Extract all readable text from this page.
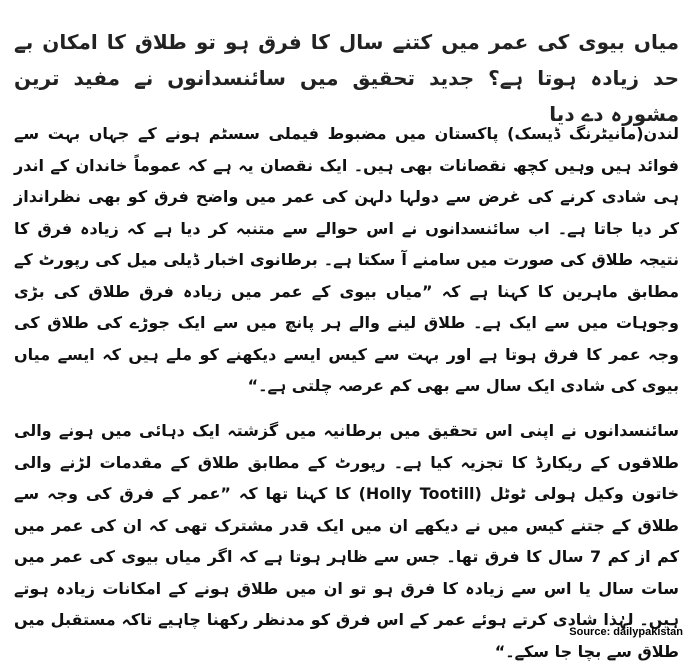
میاں بیوی کی عمر میں کتنے سال کا فرق ہو تو طلاق کا امکان بے حد زیادہ ہوتا ہے؟ جدید تحقیق میں سائنسدانوں نے مفید ترین مشورہ دے دیا

لندن(مانیٹرنگ ڈیسک) پاکستان میں مضبوط فیملی سسٹم ہونے کے جہاں بہت سے فوائد ہیں وہیں کچھ نقصانات بھی ہیں۔ ایک نقصان یہ ہے کہ عموماً خاندان کے اندر ہی شادی کرنے کی غرض سے دولہا دلہن کی عمر میں واضح فرق کو بھی نظرانداز کر دیا جاتا ہے۔ اب سائنسدانوں نے اس حوالے سے متنبہ کر دیا ہے کہ زیادہ فرق کا نتیجہ طلاق کی صورت میں سامنے آ سکتا ہے۔ برطانوی اخبار ڈیلی میل کی رپورٹ کے مطابق ماہرین کا کہنا ہے کہ ”میاں بیوی کے عمر میں زیادہ فرق طلاق کی بڑی وجوہات میں سے ایک ہے۔ طلاق لینے والے ہر پانچ میں سے ایک جوڑے کی طلاق کی وجہ عمر کا فرق ہوتا ہے اور بہت سے کیس ایسے دیکھنے کو ملے ہیں کہ ایسے میاں بیوی کی شادی ایک سال سے بھی کم عرصہ چلتی ہے۔“

سائنسدانوں نے اپنی اس تحقیق میں برطانیہ میں گزشتہ ایک دہائی میں ہونے والی طلاقوں کے ریکارڈ کا تجزیہ کیا ہے۔ رپورٹ کے مطابق طلاق کے مقدمات لڑنے والی خاتون وکیل ہولی ٹوٹل (Holly Tootill) کا کہنا تھا کہ ”عمر کے فرق کی وجہ سے طلاق کے جتنے کیس میں نے دیکھے ان میں ایک قدر مشترک تھی کہ ان کی عمر میں کم از کم 7 سال کا فرق تھا۔ جس سے ظاہر ہوتا ہے کہ اگر میاں بیوی کی عمر میں سات سال یا اس سے زیادہ کا فرق ہو تو ان میں طلاق ہونے کے امکانات زیادہ ہوتے ہیں۔ لہٰذا شادی کرتے ہوئے عمر کے اس فرق کو مدنظر رکھنا چاہیے تاکہ مستقبل میں طلاق سے بچا جا سکے۔“

Source: dailypakistan
